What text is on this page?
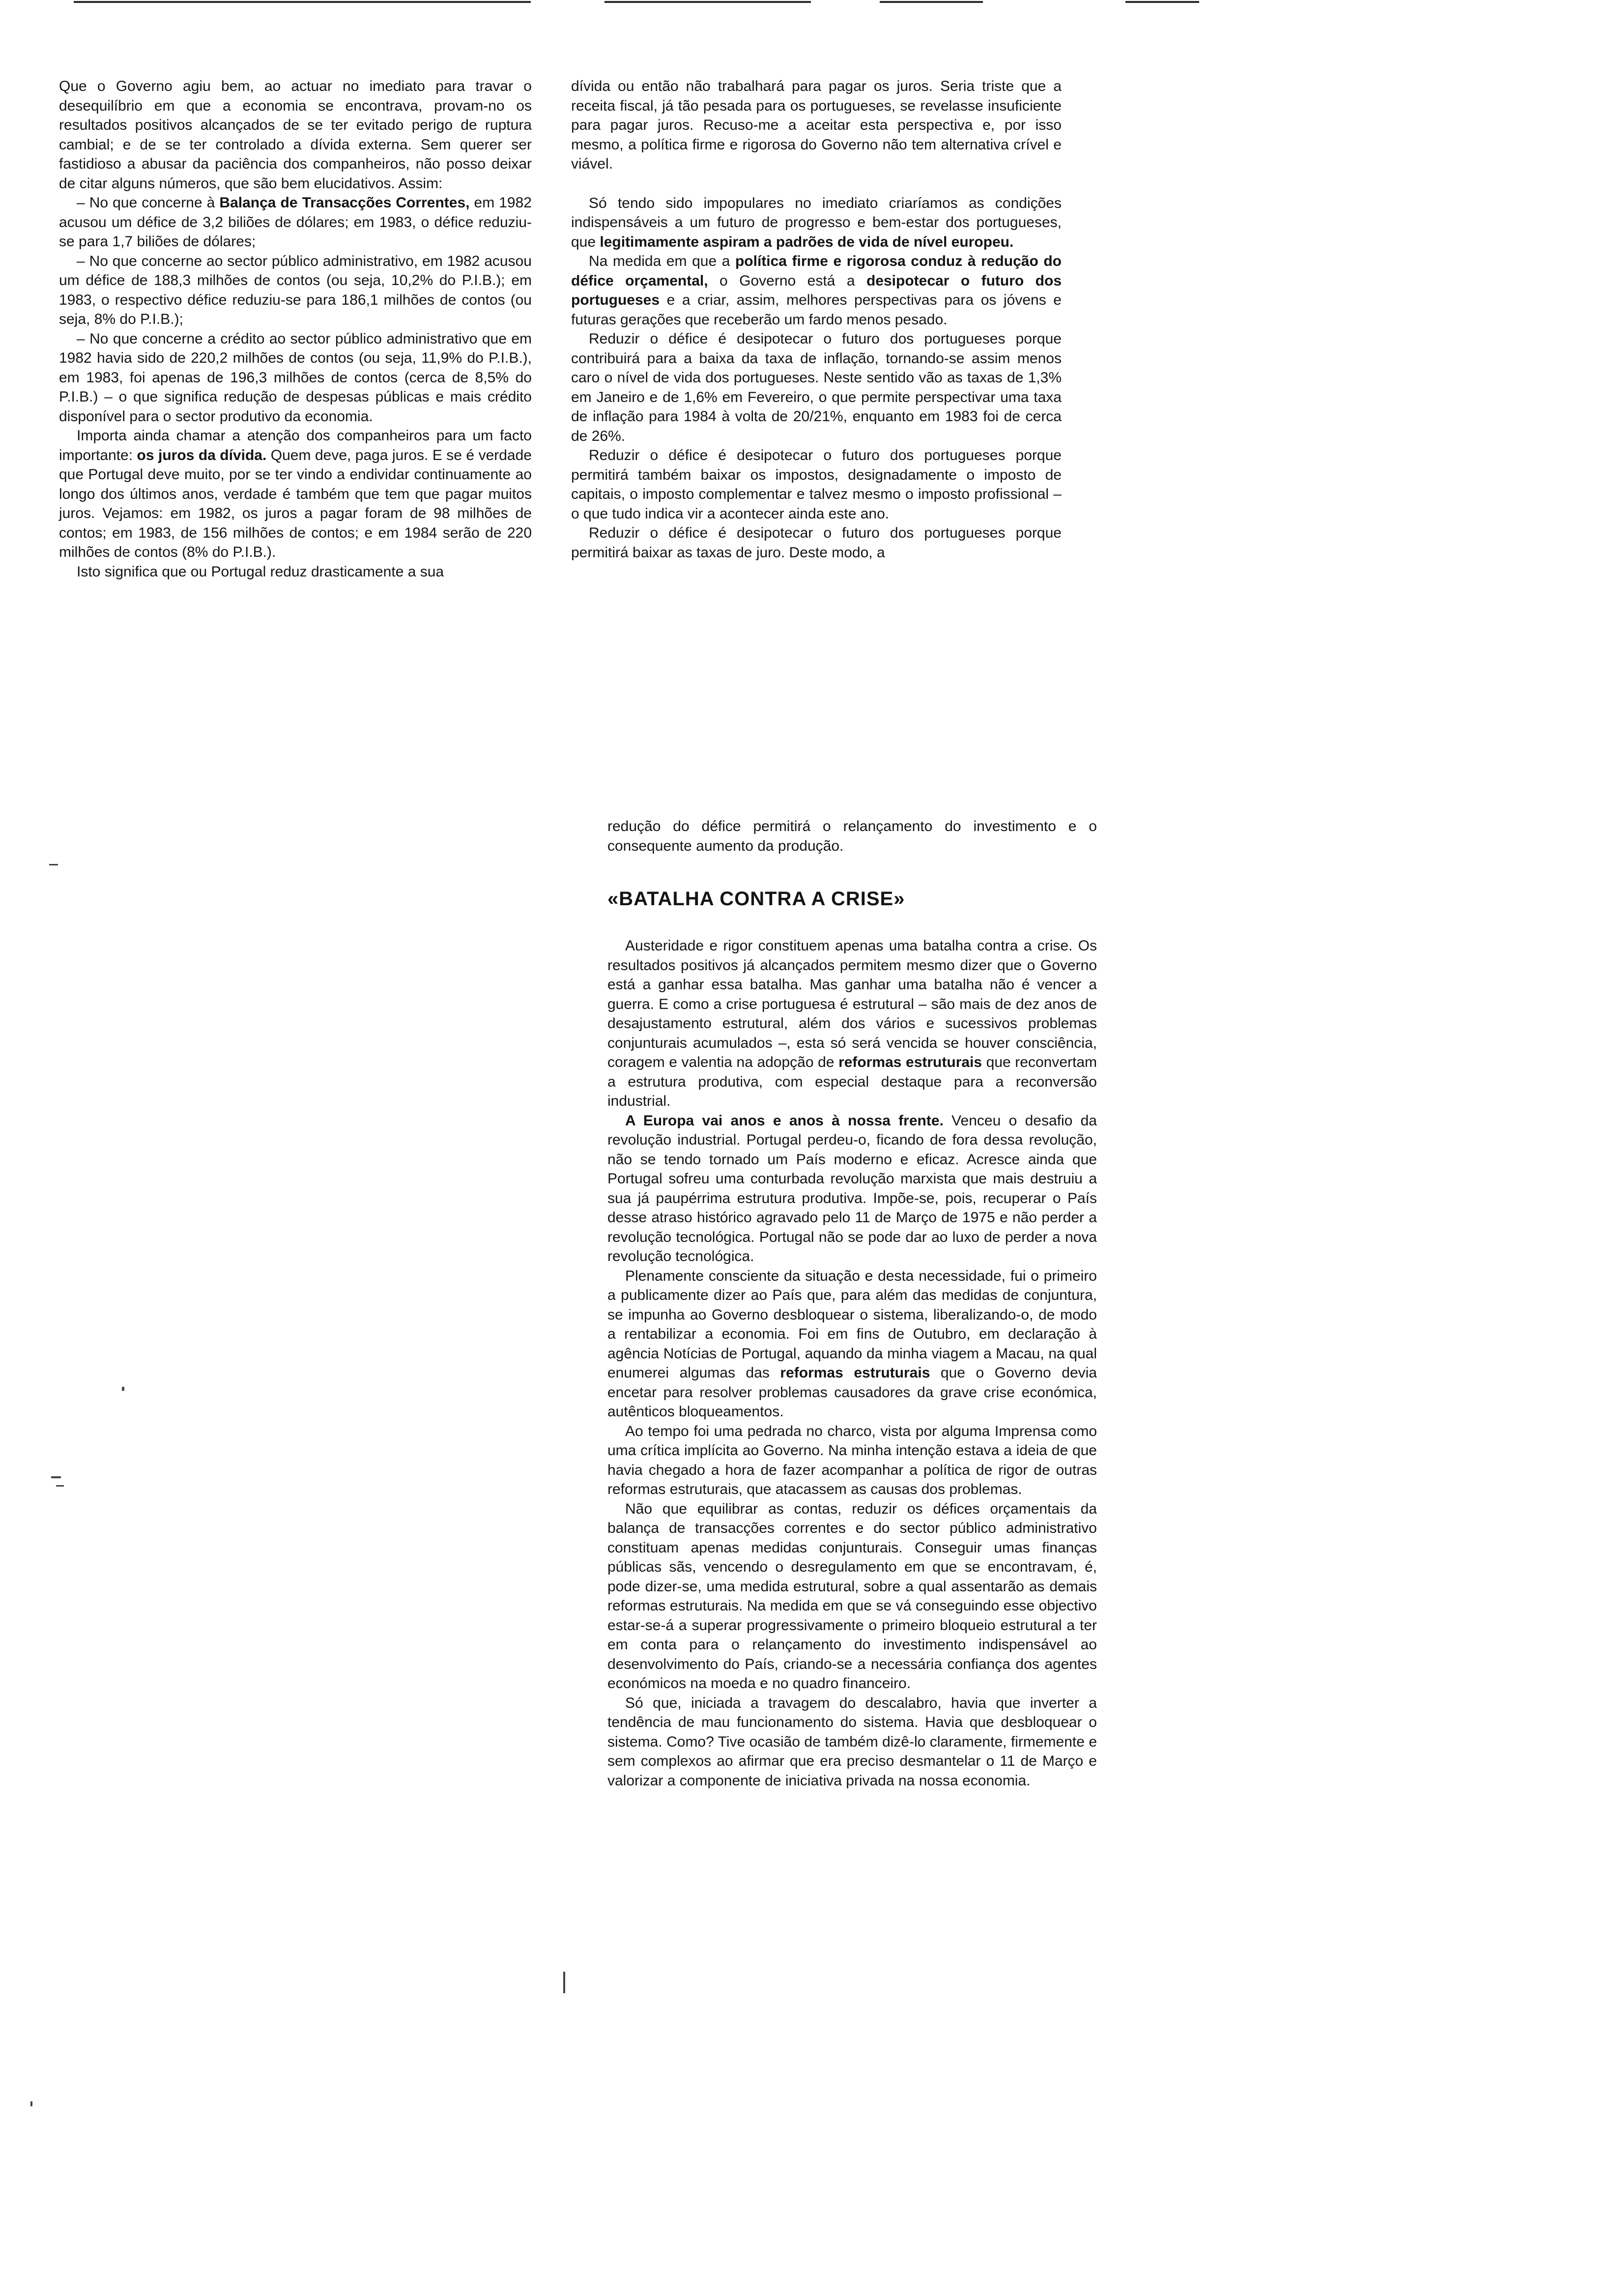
Que o Governo agiu bem, ao actuar no imediato para travar o desequilíbrio em que a economia se encontrava, provam-no os resultados positivos alcançados de se ter evitado perigo de ruptura cambial; e de se ter controlado a dívida externa. Sem querer ser fastidioso a abusar da paciência dos companheiros, não posso deixar de citar alguns números, que são bem elucidativos. Assim:

– No que concerne à Balança de Transacções Correntes, em 1982 acusou um défice de 3,2 biliões de dólares; em 1983, o défice reduziu-se para 1,7 biliões de dólares;

– No que concerne ao sector público administrativo, em 1982 acusou um défice de 188,3 milhões de contos (ou seja, 10,2% do P.I.B.); em 1983, o respectivo défice reduziu-se para 186,1 milhões de contos (ou seja, 8% do P.I.B.);

– No que concerne a crédito ao sector público administrativo que em 1982 havia sido de 220,2 milhões de contos (ou seja, 11,9% do P.I.B.), em 1983, foi apenas de 196,3 milhões de contos (cerca de 8,5% do P.I.B.) – o que significa redução de despesas públicas e mais crédito disponível para o sector produtivo da economia.

Importa ainda chamar a atenção dos companheiros para um facto importante: os juros da dívida. Quem deve, paga juros. E se é verdade que Portugal deve muito, por se ter vindo a endividar continuamente ao longo dos últimos anos, verdade é também que tem que pagar muitos juros. Vejamos: em 1982, os juros a pagar foram de 98 milhões de contos; em 1983, de 156 milhões de contos; e em 1984 serão de 220 milhões de contos (8% do P.I.B.).

Isto significa que ou Portugal reduz drasticamente a sua

dívida ou então não trabalhará para pagar os juros. Seria triste que a receita fiscal, já tão pesada para os portugueses, se revelasse insuficiente para pagar juros. Recuso-me a aceitar esta perspectiva e, por isso mesmo, a política firme e rigorosa do Governo não tem alternativa crível e viável.

Só tendo sido impopulares no imediato criaríamos as condições indispensáveis a um futuro de progresso e bem-estar dos portugueses, que legitimamente aspiram a padrões de vida de nível europeu.

Na medida em que a política firme e rigorosa conduz à redução do défice orçamental, o Governo está a desipotecar o futuro dos portugueses e a criar, assim, melhores perspectivas para os jóvens e futuras gerações que receberão um fardo menos pesado.

Reduzir o défice é desipotecar o futuro dos portugueses porque contribuirá para a baixa da taxa de inflação, tornando-se assim menos caro o nível de vida dos portugueses. Neste sentido vão as taxas de 1,3% em Janeiro e de 1,6% em Fevereiro, o que permite perspectivar uma taxa de inflação para 1984 à volta de 20/21%, enquanto em 1983 foi de cerca de 26%.

Reduzir o défice é desipotecar o futuro dos portugueses porque permitirá também baixar os impostos, designadamente o imposto de capitais, o imposto complementar e talvez mesmo o imposto profissional – o que tudo indica vir a acontecer ainda este ano.

Reduzir o défice é desipotecar o futuro dos portugueses porque permitirá baixar as taxas de juro. Deste modo, a

redução do défice permitirá o relançamento do investimento e o consequente aumento da produção.

«BATALHA CONTRA A CRISE»

Austeridade e rigor constituem apenas uma batalha contra a crise. Os resultados positivos já alcançados permitem mesmo dizer que o Governo está a ganhar essa batalha. Mas ganhar uma batalha não é vencer a guerra. E como a crise portuguesa é estrutural – são mais de dez anos de desajustamento estrutural, além dos vários e sucessivos problemas conjunturais acumulados –, esta só será vencida se houver consciência, coragem e valentia na adopção de reformas estruturais que reconvertam a estrutura produtiva, com especial destaque para a reconversão industrial.

A Europa vai anos e anos à nossa frente. Venceu o desafio da revolução industrial. Portugal perdeu-o, ficando de fora dessa revolução, não se tendo tornado um País moderno e eficaz. Acresce ainda que Portugal sofreu uma conturbada revolução marxista que mais destruiu a sua já paupérrima estrutura produtiva. Impõe-se, pois, recuperar o País desse atraso histórico agravado pelo 11 de Março de 1975 e não perder a revolução tecnológica. Portugal não se pode dar ao luxo de perder a nova revolução tecnológica.

Plenamente consciente da situação e desta necessidade, fui o primeiro a publicamente dizer ao País que, para além das medidas de conjuntura, se impunha ao Governo desbloquear o sistema, liberalizando-o, de modo a rentabilizar a economia. Foi em fins de Outubro, em declaração à agência Notícias de Portugal, aquando da minha viagem a Macau, na qual enumerei algumas das reformas estruturais que o Governo devia encetar para resolver problemas causadores da grave crise económica, autênticos bloqueamentos.

Ao tempo foi uma pedrada no charco, vista por alguma Imprensa como uma crítica implícita ao Governo. Na minha intenção estava a ideia de que havia chegado a hora de fazer acompanhar a política de rigor de outras reformas estruturais, que atacassem as causas dos problemas.

Não que equilibrar as contas, reduzir os défices orçamentais da balança de transacções correntes e do sector público administrativo constituam apenas medidas conjunturais. Conseguir umas finanças públicas sãs, vencendo o desregulamento em que se encontravam, é, pode dizer-se, uma medida estrutural, sobre a qual assentarão as demais reformas estruturais. Na medida em que se vá conseguindo esse objectivo estar-se-á a superar progressivamente o primeiro bloqueio estrutural a ter em conta para o relançamento do investimento indispensável ao desenvolvimento do País, criando-se a necessária confiança dos agentes económicos na moeda e no quadro financeiro.

Só que, iniciada a travagem do descalabro, havia que inverter a tendência de mau funcionamento do sistema. Havia que desbloquear o sistema. Como? Tive ocasião de também dizê-lo claramente, firmemente e sem complexos ao afirmar que era preciso desmantelar o 11 de Março e valorizar a componente de iniciativa privada na nossa economia.
